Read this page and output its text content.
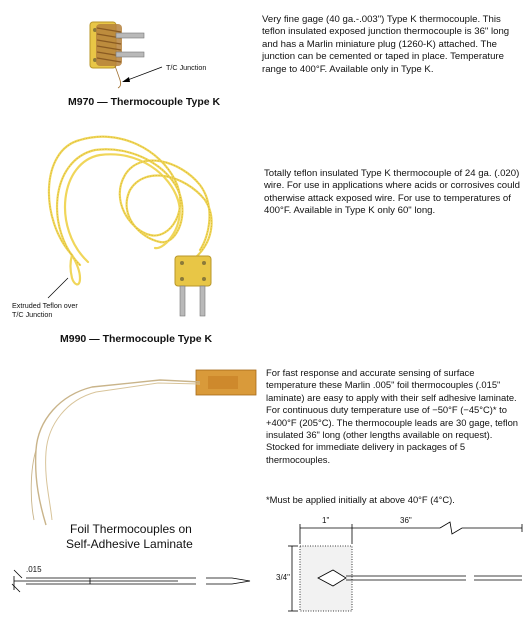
Very fine gage (40 ga.-.003") Type K thermocouple. This teflon insulated exposed junction thermocouple is 36" long and has a Marlin miniature plug (1260-K) attached. The junction can be cemented or taped in place. Temperature range to 400°F. Available only in Type K.

T/C Junction
M970 — Thermocouple Type K

Totally teflon insulated Type K thermocouple of 24 ga. (.020) wire. For use in applications where acids or corrosives could otherwise attack exposed wire. For use to temperatures of 400°F. Available in Type K only 60" long.

Extruded Teflon over
T/C Junction
M990 — Thermocouple Type K

For fast response and accurate sensing of surface temperature these Marlin .005" foil thermocouples (.015" laminate) are easy to apply with their self adhesive laminate. For continuous duty temperature use of −50°F (−45°C)* to +400°F (205°C). The thermocouple leads are 30 gage, teflon insulated 36" long (other lengths available on request). Stocked for immediate delivery in packages of 5 thermocouples.

*Must be applied initially at above 40°F (4°C).

Foil Thermocouples on
Self-Adhesive Laminate
.015
1"	36"
3/4"
